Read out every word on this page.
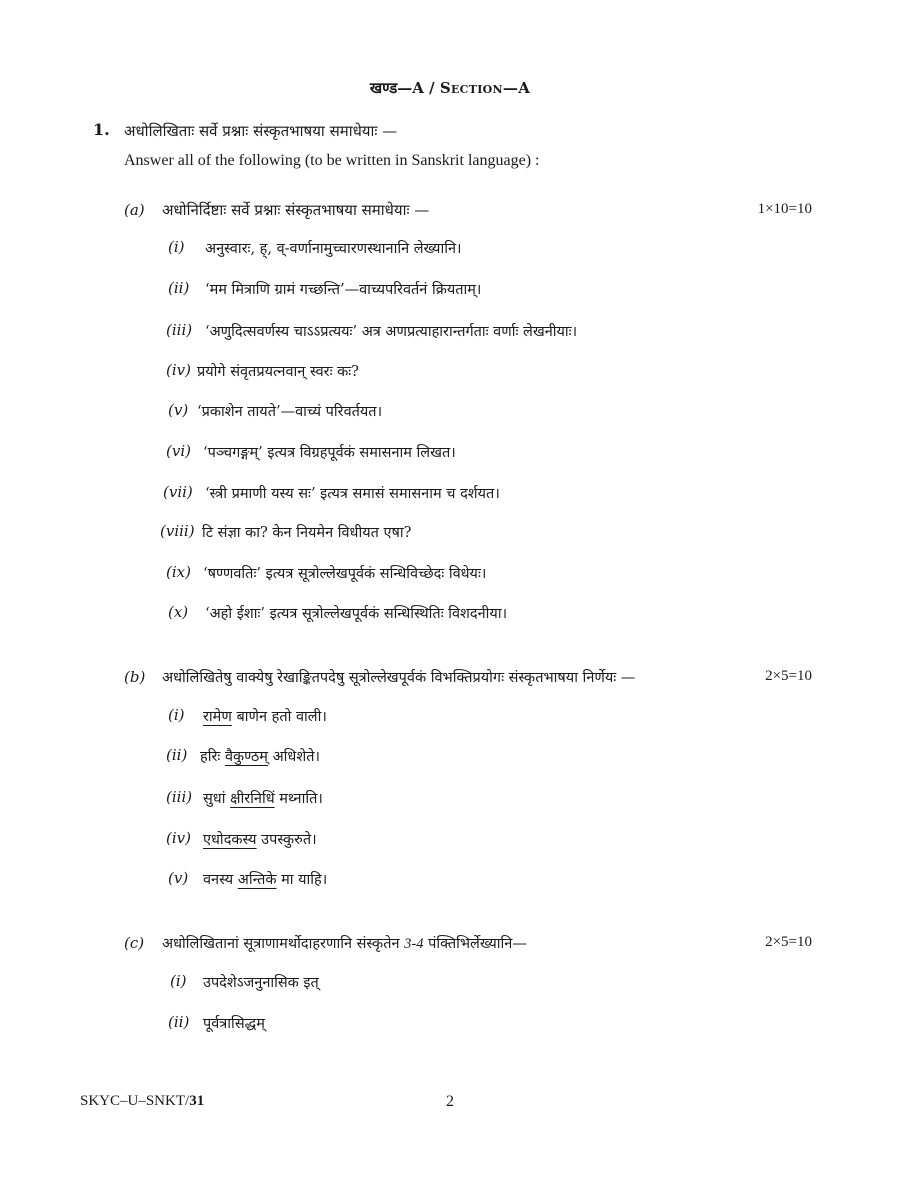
खण्ड—A / Section—A
1. अधोलिखिताः सर्वे प्रश्नाः संस्कृतभाषया समाधेयाः —
Answer all of the following (to be written in Sanskrit language) :
(a) अधोनिर्दिष्टाः सर्वे प्रश्नाः संस्कृतभाषया समाधेयाः —	1×10=10
(i) अनुस्वारः, ह्, व्-वर्णानामुच्चारणस्थानानि लेख्यानि।
(ii) ‘मम मित्राणि ग्रामं गच्छन्ति’—वाच्यपरिवर्तनं क्रियताम्।
(iii) ‘अणुदित्सवर्णस्य चाऽऽप्रत्ययः’ अत्र अणप्रत्याहारान्तर्गताः वर्णाः लेखनीयाः।
(iv) प्रयोगे संवृतप्रयत्नवान् स्वरः कः?
(v) ‘प्रकाशेन तायते’—वाच्यं परिवर्तयत।
(vi) ‘पञ्चगङ्गम्’ इत्यत्र विग्रहपूर्वकं समासनाम लिखत।
(vii) ‘स्त्री प्रमाणी यस्य सः’ इत्यत्र समासं समासनाम च दर्शयत।
(viii) टि संज्ञा का? केन नियमेन विधीयत एषा?
(ix) ‘षण्णवतिः’ इत्यत्र सूत्रोल्लेखपूर्वकं सन्धिविच्छेदः विधेयः।
(x) ‘अहो ईशाः’ इत्यत्र सूत्रोल्लेखपूर्वकं सन्धिस्थितिः विशदनीया।
(b) अधोलिखितेषु वाक्येषु रेखाङ्कितपदेषु सूत्रोल्लेखपूर्वकं विभक्तिप्रयोगः संस्कृतभाषया निर्णेयः —	2×5=10
(i) रामेण बाणेन हतो वाली।
(ii) हरिः वैकुण्ठम् अधिशेते।
(iii) सुधां क्षीरनिधिं मथ्नाति।
(iv) एधोदकस्य उपस्कुरुते।
(v) वनस्य अन्तिके मा याहि।
(c) अधोलिखितानां सूत्राणामर्थोदाहरणानि संस्कृतेन 3-4 पंक्तिभिर्लेख्यानि—	2×5=10
(i) उपदेशेऽजनुनासिक इत्
(ii) पूर्वत्रासिद्धम्
SKYC–U–SNKT/31	2
